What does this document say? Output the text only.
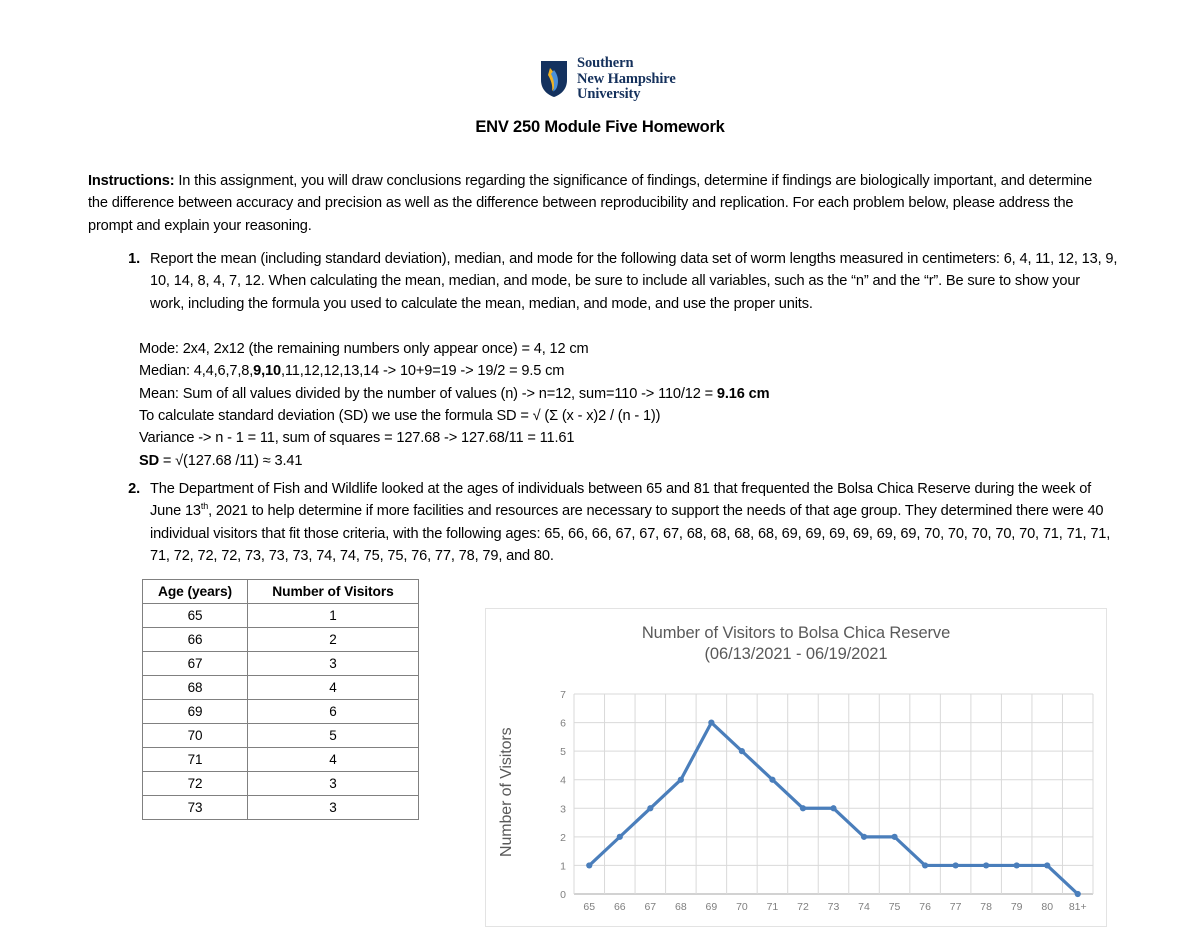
Southern
New Hampshire
University
ENV 250 Module Five Homework
Instructions: In this assignment, you will draw conclusions regarding the significance of findings, determine if findings are biologically important, and determine the difference between accuracy and precision as well as the difference between reproducibility and replication. For each problem below, please address the prompt and explain your reasoning.
1. Report the mean (including standard deviation), median, and mode for the following data set of worm lengths measured in centimeters: 6, 4, 11, 12, 13, 9, 10, 14, 8, 4, 7, 12. When calculating the mean, median, and mode, be sure to include all variables, such as the “n” and the “r”. Be sure to show your work, including the formula you used to calculate the mean, median, and mode, and use the proper units.
Mode: 2x4, 2x12 (the remaining numbers only appear once) = 4, 12 cm
Median: 4,4,6,7,8,9,10,11,12,12,13,14 -> 10+9=19 -> 19/2 = 9.5 cm
Mean: Sum of all values divided by the number of values (n) -> n=12, sum=110 -> 110/12 = 9.16 cm
To calculate standard deviation (SD) we use the formula SD = √ (Σ (x - x)2 / (n - 1))
Variance -> n - 1 = 11, sum of squares = 127.68 -> 127.68/11 = 11.61
SD = √(127.68 /11) ≈ 3.41
2. The Department of Fish and Wildlife looked at the ages of individuals between 65 and 81 that frequented the Bolsa Chica Reserve during the week of June 13th, 2021 to help determine if more facilities and resources are necessary to support the needs of that age group. They determined there were 40 individual visitors that fit those criteria, with the following ages: 65, 66, 66, 67, 67, 67, 68, 68, 68, 68, 69, 69, 69, 69, 69, 69, 70, 70, 70, 70, 70, 71, 71, 71, 71, 72, 72, 72, 73, 73, 73, 74, 74, 75, 75, 76, 77, 78, 79, and 80.
Age (years)	Number of Visitors
65	1
66	2
67	3
68	4
69	6
70	5
71	4
72	3
73	3
Number of Visitors to Bolsa Chica Reserve
(06/13/2021 - 06/19/2021
Number of Visitors
0
1
2
3
4
5
6
7
65 66 67 68 69 70 71 72 73 74 75 76 77 78 79 80 81+
